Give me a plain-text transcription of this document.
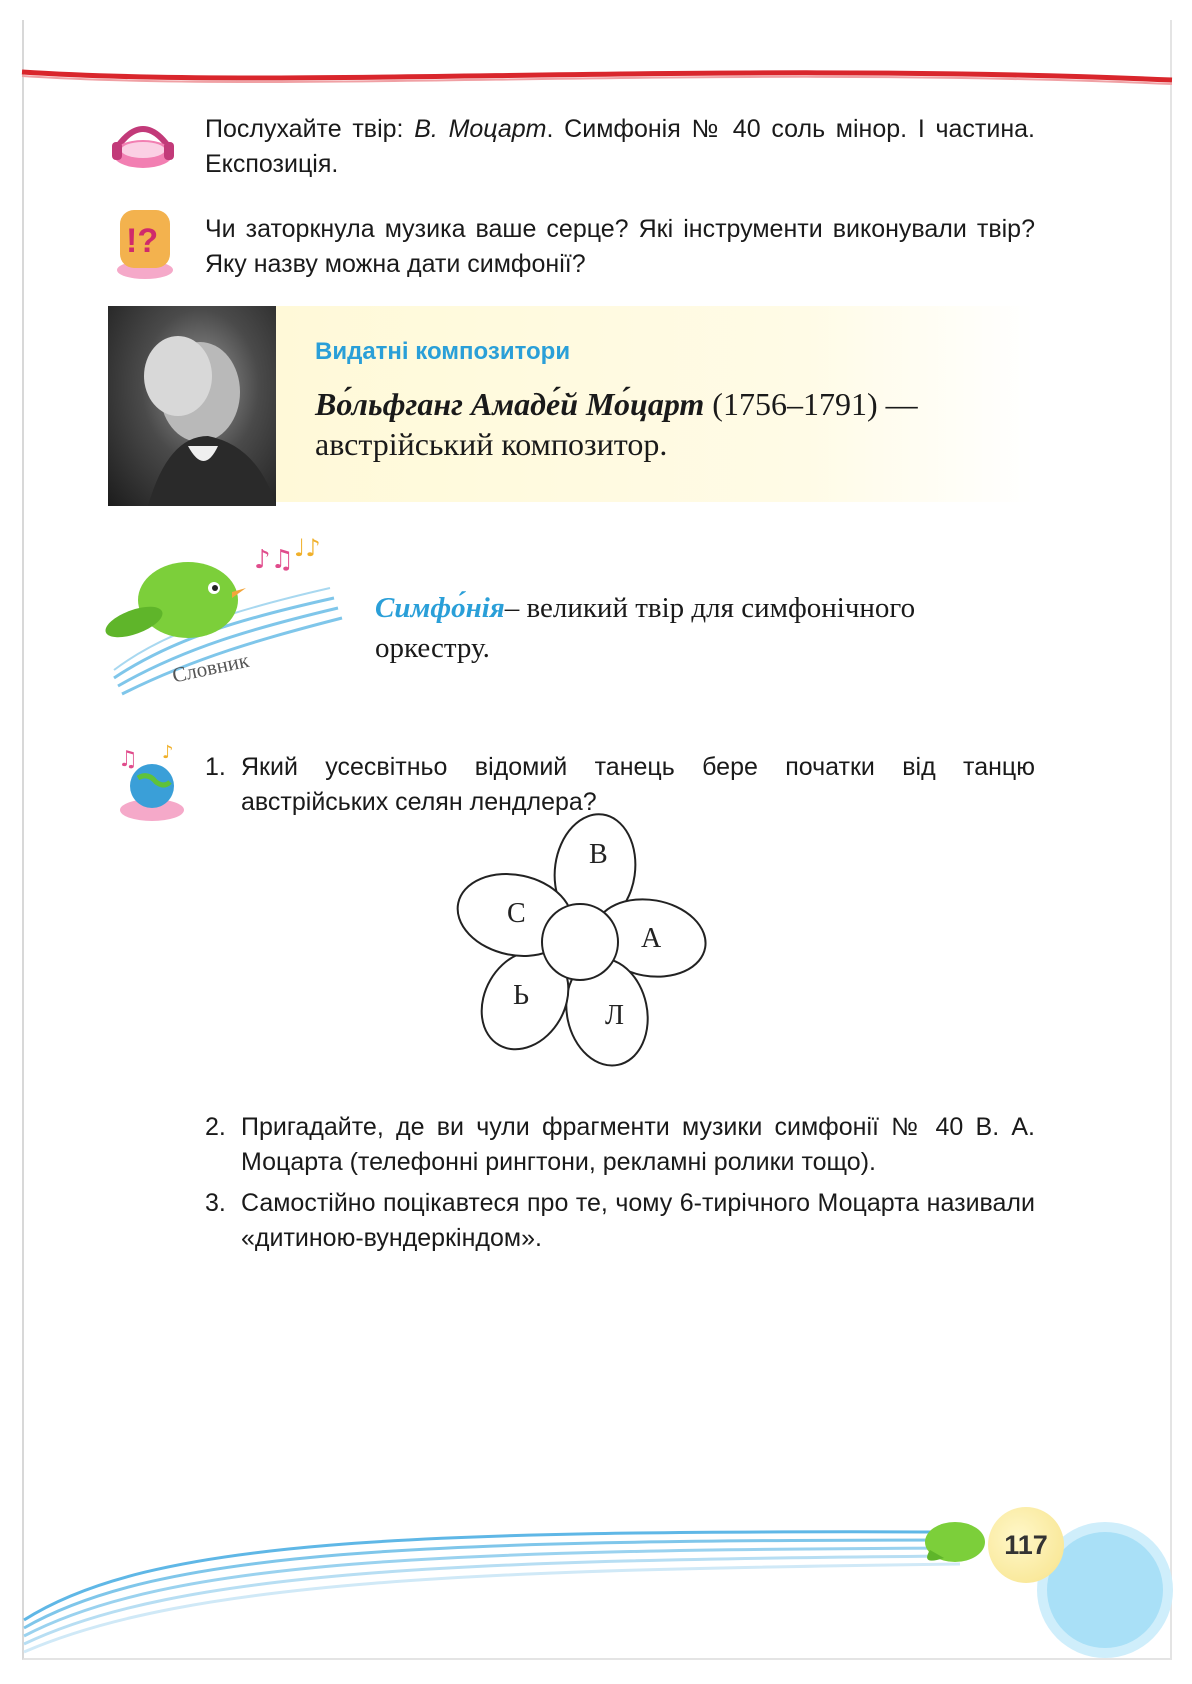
Послухайте твір: В. Моцарт. Симфонія № 40 соль мінор. І частина. Експозиція.
!? Чи заторкнула музика ваше серце? Які інструменти виконували твір? Яку назву можна дати симфонії?
Видатні композитори
Во́льфганг Амаде́й Мо́царт (1756–1791) — австрійський композитор.
♪♫ ♩♪
Словник
Симфо́нія– великий твір для симфонічного оркестру.
♫ ♪
1. Який усесвітньо відомий танець бере початки від танцю австрійських селян лендлера?
В
А
Л
Ь
С
2. Пригадайте, де ви чули фрагменти музики симфонії № 40 В. А. Моцарта (телефонні рингтони, рекламні ролики тощо).
3. Самостійно поцікавтеся про те, чому 6-тирічного Моцарта називали «дитиною-вундеркіндом».
117
